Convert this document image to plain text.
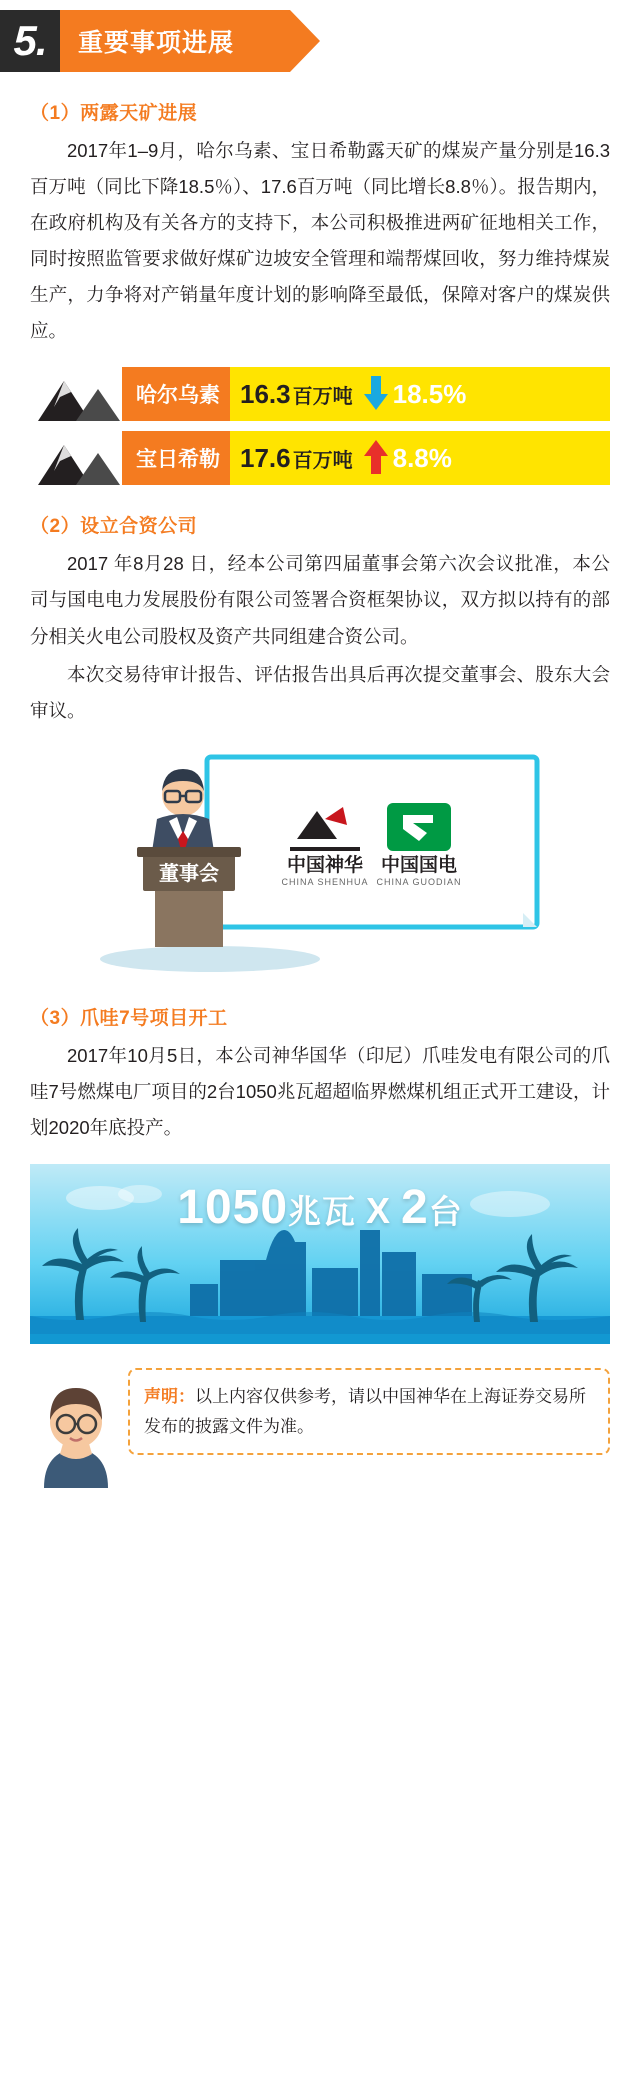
5.	重要事项进展
（1）两露天矿进展

2017年1–9月，哈尔乌素、宝日希勒露天矿的煤炭产量分别是16.3百万吨（同比下降18.5％）、17.6百万吨（同比增长8.8％）。报告期内，在政府机构及有关各方的支持下，本公司积极推进两矿征地相关工作，同时按照监管要求做好煤矿边坡安全管理和端帮煤回收，努力维持煤炭生产，力争将对产销量年度计划的影响降至最低，保障对客户的煤炭供应。

哈尔乌素 16.3 百万吨 18.5%
宝日希勒 17.6 百万吨 8.8%
（2）设立合资公司

2017 年8月28 日，经本公司第四届董事会第六次会议批准，本公司与国电电力发展股份有限公司签署合资框架协议，双方拟以持有的部分相关火电公司股权及资产共同组建合资公司。

本次交易待审计报告、评估报告出具后再次提交董事会、股东大会审议。

中国神华
CHINA SHENHUA
中国国电
CHINA GUODIAN
董事会
（3）爪哇7号项目开工

2017年10月5日，本公司神华国华（印尼）爪哇发电有限公司的爪哇7号燃煤电厂项目的2台1050兆瓦超超临界燃煤机组正式开工建设，计划2020年底投产。

1050兆瓦 X 2台
声明：以上内容仅供参考，请以中国神华在上海证券交易所发布的披露文件为准。
